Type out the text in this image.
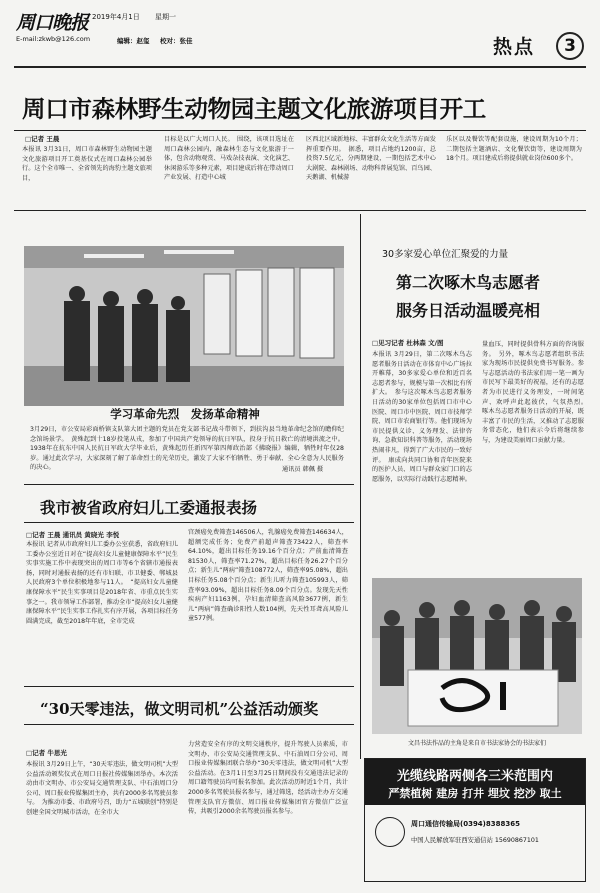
周口晚报
E-mail:zkwb@126.com
2019年4月1日 星期一
编辑：赵玺 校对：张佳	热点	3
周口市森林野生动物园主题文化旅游项目开工
□记者 王晨
本报讯 3月31日，周口市森林野生动物园主题文化旅游项目开工奠基仪式在周口森林公园举行。这个全市唯一、全省领先的海豹主题文旅项目，
目标是以广大周口人民。　围绕，该项目选址在周口森林公园内，融森林生态与文化旅游于一体，包含动物观赏、马戏杂技表演、文化演艺、休闲游乐等多种元素，项目建成后将在带动周口产业发展、打造中心城
区西北区域新地标、丰富群众文化生活等方面发挥重要作用。　据悉，项目占地约1200亩，总投资7.5亿元，分两期建设，一期包括艺术中心大剧院、森林剧场、动物科普展览馆、百鸟园、天鹅湖、机械游
乐区以及餐饮等配套设施，建设周期为10个月；二期包括主题酒店、文化餐饮街等，建设周期为18个月。项目建成后将提供就业岗位600多个。
学习革命先烈　发扬革命精神
3月29日，市公安局彩面桥镇支队第大团主题的党员在党支部书记战斗带领下，到扶沟县当地革命纪念馆的瞻仰纪念馆场景学。　黄殊起到十18岁投笔从戎，参加了中国共产党领导的抗日军队，投身于抗日救亡的清境洪流之中。1938年在抗东中国人民抗日军政大学毕业后，黄殊起历任新四军第四师政治部《拂晓报》编辑，牺牲时年仅28岁。通过此次学习，大家深刻了解了革命烈士的光荣历史，激发了大家不怕牺牲、勇于奉献、全心全意为人民服务的决心。	通讯员 韩佩 摄
我市被省政府妇儿工委通报表扬
□记者 王晨 通讯员 黄晓光 李悦
本报讯 记者从市政府妇儿工委办公室获悉，省政府妇儿工委办公室近日对在“提高妇女儿童健康保障水平”民生实事实施工作中表现突出的周口市等6个省辖市通报表扬，同时对通报表扬的还有市妇联、市卫健委、郸城县人民政府3个单位积极地参与11人。　“提高妇女儿童健康保障水平”民生实事项目是2018年省、市重点民生实事之一。我市领导工作部署，推动全市“提高妇女儿童健康保障水平”民生实事工作扎实有序开展，各项目标任务圆满完成，截至2018年年底，全市完成
宫颈癌免费筛查146506人，乳腺癌免费筛查146634人，超额完成任务；免费产前超声筛查73422人，筛查率64.10%，超出目标任务19.16个百分点；产前血清筛查81530人，筛查率71.27%，超出目标任务26.27个百分点；新生儿“两病”筛查108772人，筛查率95.08%，超出目标任务5.08个百分点；新生儿听力筛查105993人，筛查率93.09%，超出目标任务8.09个百分点。发现先天性疾病产妇1163例，孕妇血清筛查高风险3677例，新生儿“两病”筛查确诊阳性人数104例，先天性耳聋高风险儿童577例。
“30天零违法，做文明司机”公益活动颁奖
□记者 牛思光
本报讯 3月29日上午，“30天零违法，做文明司机”大型公益活动颁奖仪式在周口日报社传媒集团举办。本次活动由市文明办、市公安局交通管理支队、中石油周口分公司、周口报业传媒集团主办，共有2000多名驾驶员参与。　为推动市委、市政府号召，助力“五城联创”特别是创建全国文明城市活动，在全市大
力营造安全有序的文明交通秩序，提升驾驶人员素质，市文明办、市公安局交通管理支队、中石油周口分公司、周口报业传媒集团联合举办“30天零违法，做文明司机”大型公益活动。在3月1日至3月25日期间没有交通违法记录的周口籍驾驶员均可报名参加。此次活动历时近1个月，共计2000多名驾驶员报名参与，通过筛选，经活动主办方交通管理支队官方微信、周口报业传媒集团官方微信广泛宣传，共吸引2000余名驾驶员报名参与。
30多家爱心单位汇聚爱的力量
第二次啄木鸟志愿者
服务日活动温暖亮相
□见习记者 杜林森 文/图
本报讯 3月29日，第二次啄木鸟志愿者服务日活动在市体育中心广场拉开帷幕，30多家爱心单位和近百名志愿者参与，规模与第一次相比有所扩大。　参与这次啄木鸟志愿者服务日活动的30家单位包括周口市中心医院、周口市中医院、周口市技师学院、周口市农商银行等。他们现场为市民提供义诊、义务理发、法律咨询、急救知识科普等服务，活动现场热闹非凡，得到了广大市民的一致好评。　康成向共同口协和青年医院来的医护人员、周口与群众家门口的志愿服务，以实际行动践行志愿精神。
量血压，同时提供骨科方面的咨询服务。　另外，啄木鸟志愿者组织书法家为现场市民提供免费书写服务。参与志愿活动的书法家们用一笔一画为市民写下最美好的祝福，还有的志愿者为市民进行义务理发，一时间笔声、欢呼声此起彼伏，气氛热烈。　啄木鸟志愿者服务日活动的开展，既丰富了市民的生活，又推动了志愿服务常态化，他们表示今后将继续参与，为建设美丽周口贡献力量。
文昌书法作品的主角是来自市书法家协会的书法家们
光缆线路两侧各三米范围内
严禁植树 建房 打井 埋坟 挖沙 取土
周口通信传输局(0394)8388365
中国人民解放军驻西安通信站 15690867101
